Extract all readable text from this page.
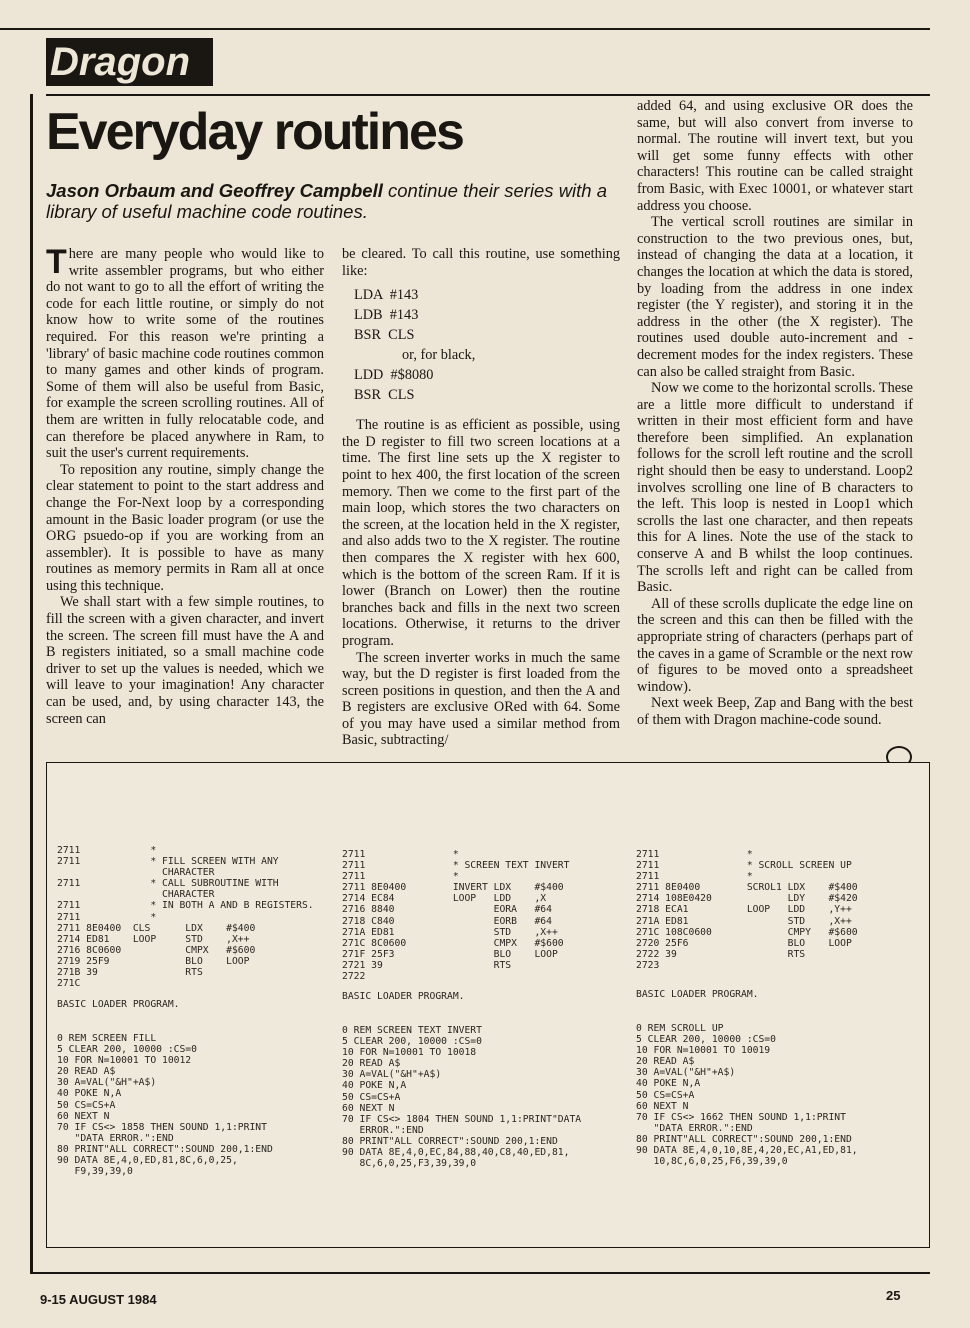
Dragon
Everyday routines
Jason Orbaum and Geoffrey Campbell continue their series with a library of useful machine code routines.

There are many people who would like to write assembler programs, but who either do not want to go to all the effort of writing the code for each little routine, or simply do not know how to write some of the routines required. For this reason we're printing a 'library' of basic machine code routines common to many games and other kinds of program. Some of them will also be useful from Basic, for example the screen scrolling routines. All of them are written in fully relocatable code, and can therefore be placed anywhere in Ram, to suit the user's current requirements.

To reposition any routine, simply change the clear statement to point to the start address and change the For-Next loop by a corresponding amount in the Basic loader program (or use the ORG psuedo-op if you are working from an assembler). It is possible to have as many routines as memory permits in Ram all at once using this technique.

We shall start with a few simple routines, to fill the screen with a given character, and invert the screen. The screen fill must have the A and B registers initiated, so a small machine code driver to set up the values is needed, which we will leave to your imagination! Any character can be used, and, by using character 143, the screen can

be cleared. To call this routine, use something like:

LDA  #143
LDB  #143
BSR  CLS
or, for black,
LDD  #$8080
BSR  CLS

The routine is as efficient as possible, using the D register to fill two screen locations at a time. The first line sets up the X register to point to hex 400, the first location of the screen memory. Then we come to the first part of the main loop, which stores the two characters on the screen, at the location held in the X register, and also adds two to the X register. The routine then compares the X register with hex 600, which is the bottom of the screen Ram. If it is lower (Branch on Lower) then the routine branches back and fills in the next two screen locations. Otherwise, it returns to the driver program.

The screen inverter works in much the same way, but the D register is first loaded from the screen positions in question, and then the A and B registers are exclusive ORed with 64. Some of you may have used a similar method from Basic, subtracting/

added 64, and using exclusive OR does the same, but will also convert from inverse to normal. The routine will invert text, but you will get some funny effects with other characters! This routine can be called straight from Basic, with Exec 10001, or whatever start address you choose.

The vertical scroll routines are similar in construction to the two previous ones, but, instead of changing the data at a location, it changes the location at which the data is stored, by loading from the address in one index register (the Y register), and storing it in the address in the other (the X register). The routines used double auto-increment and -decrement modes for the index registers. These can also be called straight from Basic.

Now we come to the horizontal scrolls. These are a little more difficult to understand if written in their most efficient form and have therefore been simplified. An explanation follows for the scroll left routine and the scroll right should then be easy to understand. Loop2 involves scrolling one line of B characters to the left. This loop is nested in Loop1 which scrolls the last one character, and then repeats this for A lines. Note the use of the stack to conserve A and B whilst the loop continues. The scrolls left and right can be called from Basic.

All of these scrolls duplicate the edge line on the screen and this can then be filled with the appropriate string of characters (perhaps part of the caves in a game of Scramble or the next row of figures to be moved onto a spreadsheet window).

Next week Beep, Zap and Bang with the best of them with Dragon machine-code sound.

2711            *
2711            * FILL SCREEN WITH ANY
CHARACTER
2711            * CALL SUBROUTINE WITH
CHARACTER
2711            * IN BOTH A AND B REGISTERS.
2711            *
2711 8E0400  CLS      LDX    #$400
2714 ED81    LOOP     STD    ,X++
2716 8C0600           CMPX   #$600
2719 25F9             BLO    LOOP
271B 39               RTS
271C
BASIC LOADER PROGRAM.
0 REM SCREEN FILL
5 CLEAR 200, 10000 :CS=0
10 FOR N=10001 TO 10012
20 READ A$
30 A=VAL("&H"+A$)
40 POKE N,A
50 CS=CS+A
60 NEXT N
70 IF CS<> 1858 THEN SOUND 1,1:PRINT
"DATA ERROR.":END
80 PRINT"ALL CORRECT":SOUND 200,1:END
90 DATA 8E,4,0,ED,81,8C,6,0,25,
F9,39,39,0
2711               *
2711               * SCREEN TEXT INVERT
2711               *
2711 8E0400        INVERT LDX    #$400
2714 EC84          LOOP   LDD    ,X
2716 8840                 EORA   #64
2718 C840                 EORB   #64
271A ED81                 STD    ,X++
271C 8C0600               CMPX   #$600
271F 25F3                 BLO    LOOP
2721 39                   RTS
2722
BASIC LOADER PROGRAM.
0 REM SCREEN TEXT INVERT
5 CLEAR 200, 10000 :CS=0
10 FOR N=10001 TO 10018
20 READ A$
30 A=VAL("&H"+A$)
40 POKE N,A
50 CS=CS+A
60 NEXT N
70 IF CS<> 1804 THEN SOUND 1,1:PRINT"DATA
ERROR.":END
80 PRINT"ALL CORRECT":SOUND 200,1:END
90 DATA 8E,4,0,EC,84,88,40,C8,40,ED,81,
8C,6,0,25,F3,39,39,0
2711               *
2711               * SCROLL SCREEN UP
2711               *
2711 8E0400        SCROL1 LDX    #$400
2714 108E0420             LDY    #$420
2718 ECA1          LOOP   LDD    ,Y++
271A ED81                 STD    ,X++
271C 108C0600             CMPY   #$600
2720 25F6                 BLO    LOOP
2722 39                   RTS
2723
BASIC LOADER PROGRAM.
0 REM SCROLL UP
5 CLEAR 200, 10000 :CS=0
10 FOR N=10001 TO 10019
20 READ A$
30 A=VAL("&H"+A$)
40 POKE N,A
50 CS=CS+A
60 NEXT N
70 IF CS<> 1662 THEN SOUND 1,1:PRINT
"DATA ERROR.":END
80 PRINT"ALL CORRECT":SOUND 200,1:END
90 DATA 8E,4,0,10,8E,4,20,EC,A1,ED,81,
10,8C,6,0,25,F6,39,39,0
9-15 AUGUST 1984	25
